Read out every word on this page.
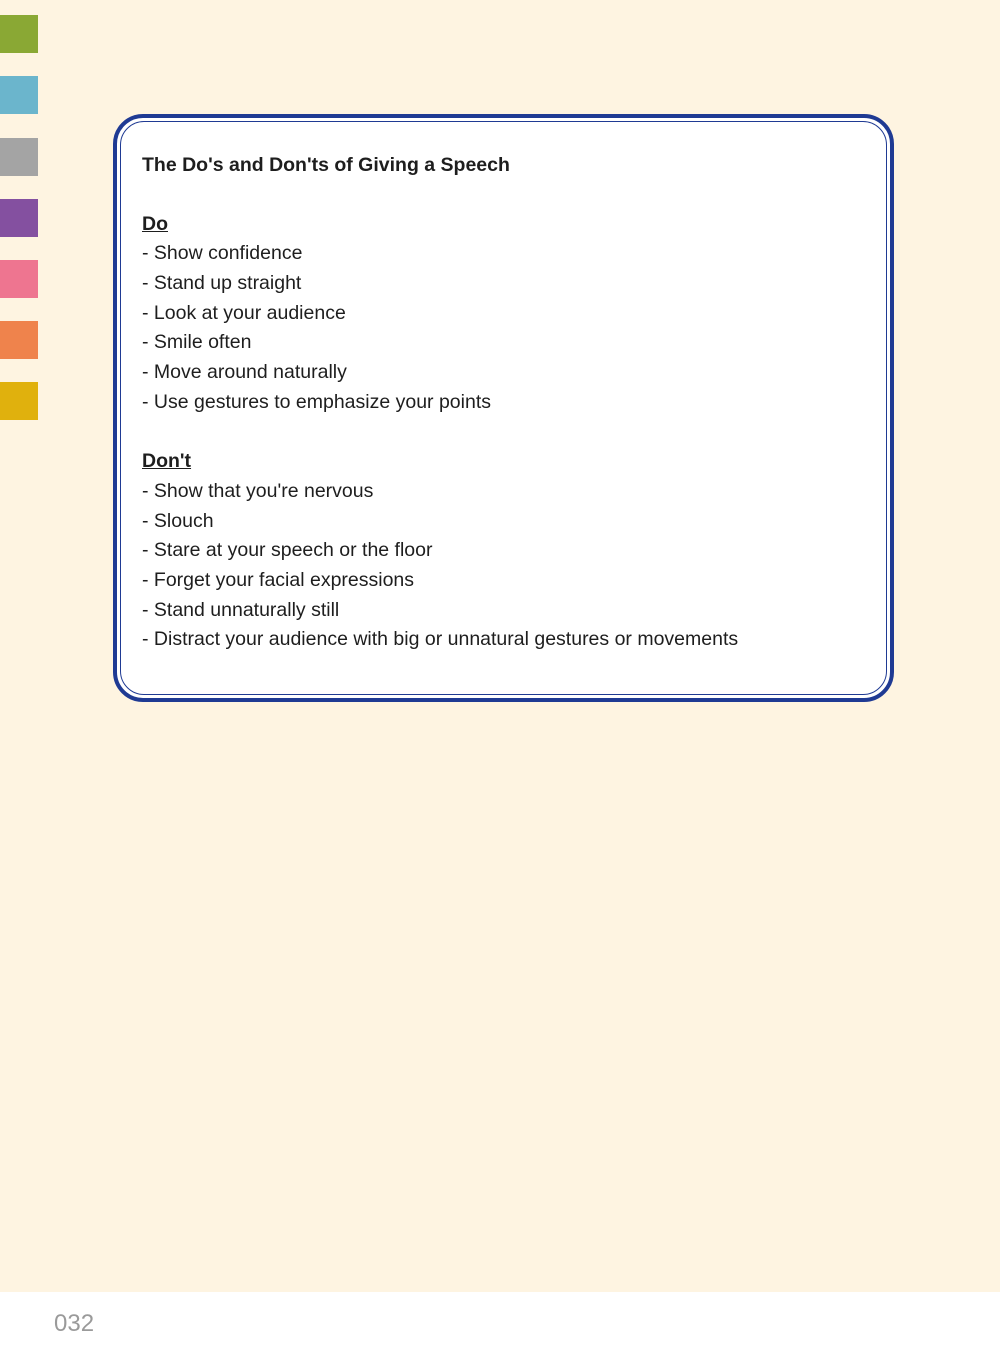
The Do's and Don'ts of Giving a Speech

Do

- Show confidence
- Stand up straight
- Look at your audience
- Smile often
- Move around naturally
- Use gestures to emphasize your points

Don't

- Show that you're nervous
- Slouch
- Stare at your speech or the floor
- Forget your facial expressions
- Stand unnaturally still
- Distract your audience with big or unnatural gestures or movements
032
